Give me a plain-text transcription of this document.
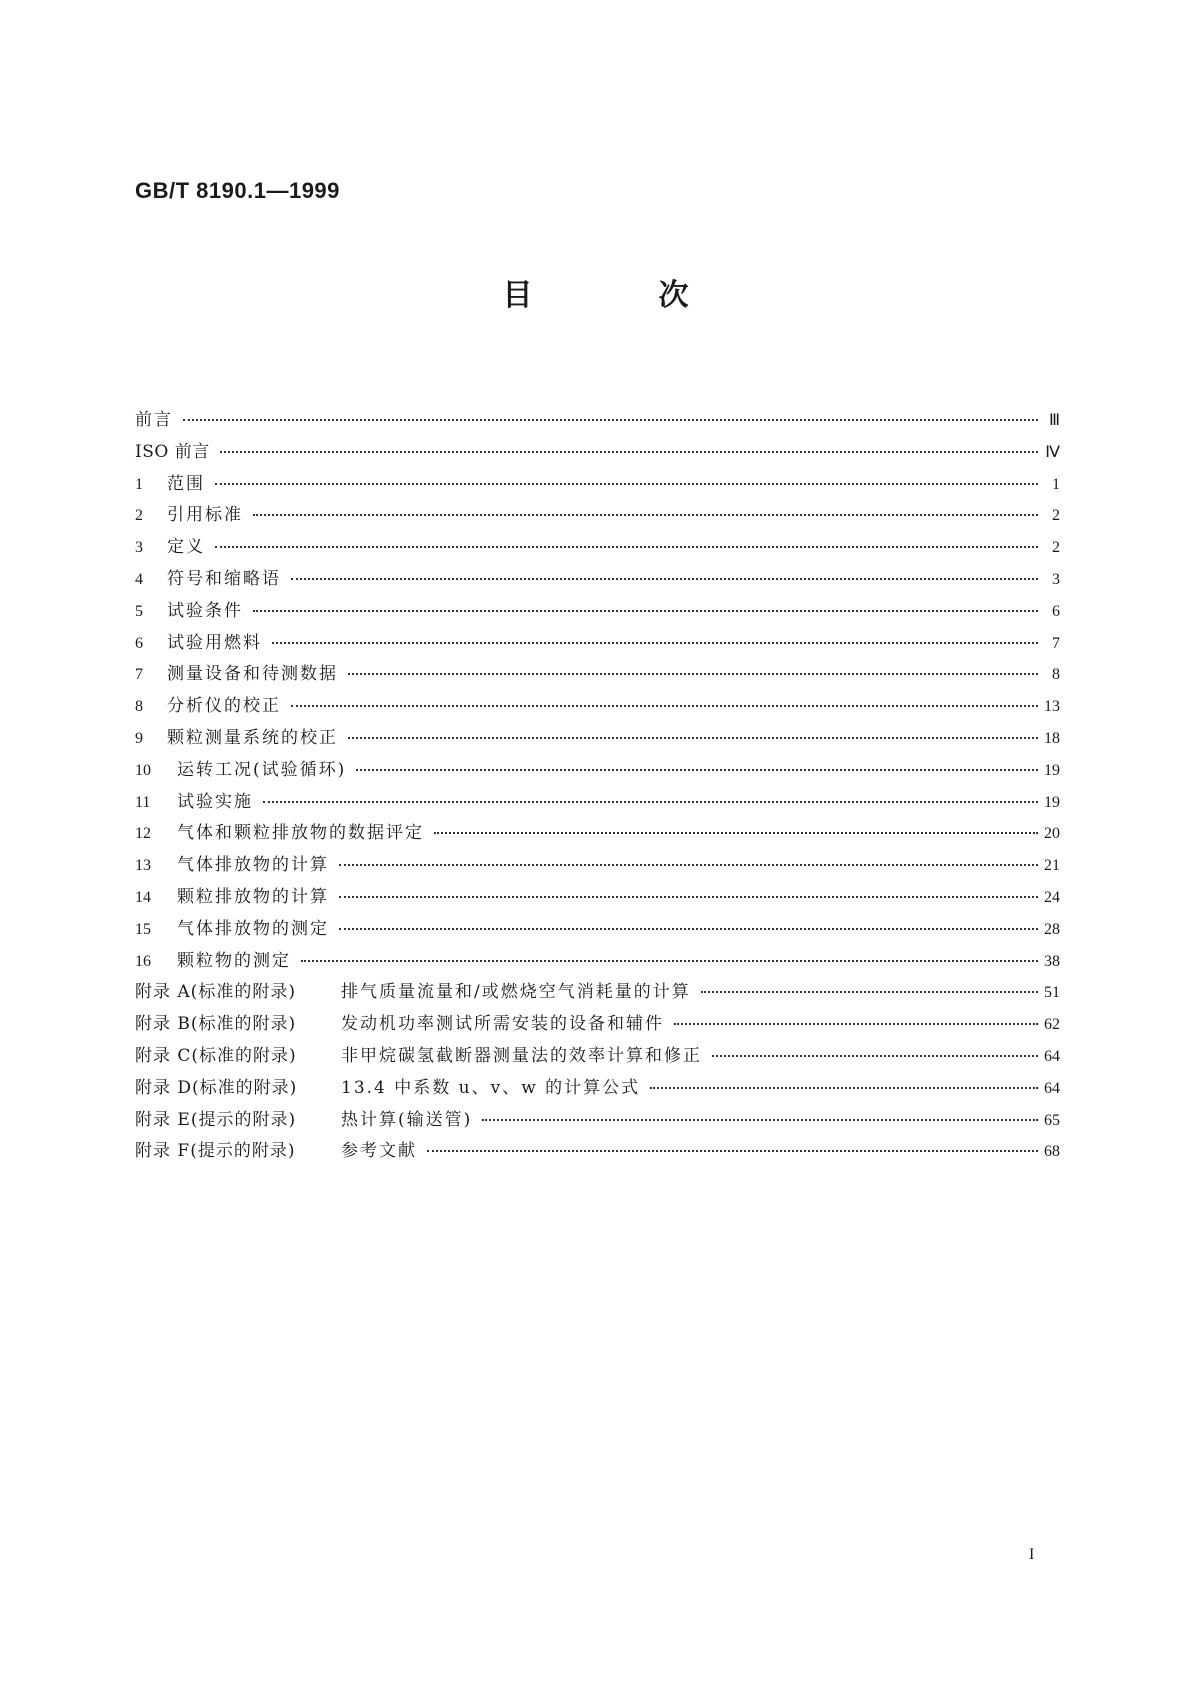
GB/T 8190.1—1999

目	次
前言	Ⅲ
ISO 前言	Ⅳ
1	范围	1
2	引用标准	2
3	定义	2
4	符号和缩略语	3
5	试验条件	6
6	试验用燃料	7
7	测量设备和待测数据	8
8	分析仪的校正	13
9	颗粒测量系统的校正	18
10	运转工况(试验循环)	19
11	试验实施	19
12	气体和颗粒排放物的数据评定	20
13	气体排放物的计算	21
14	颗粒排放物的计算	24
15	气体排放物的测定	28
16	颗粒物的测定	38
附录 A(标准的附录)	排气质量流量和/或燃烧空气消耗量的计算	51
附录 B(标准的附录)	发动机功率测试所需安装的设备和辅件	62
附录 C(标准的附录)	非甲烷碳氢截断器测量法的效率计算和修正	64
附录 D(标准的附录)	13.4 中系数 u、v、w 的计算公式	64
附录 E(提示的附录)	热计算(输送管)	65
附录 F(提示的附录)	参考文献	68

I
